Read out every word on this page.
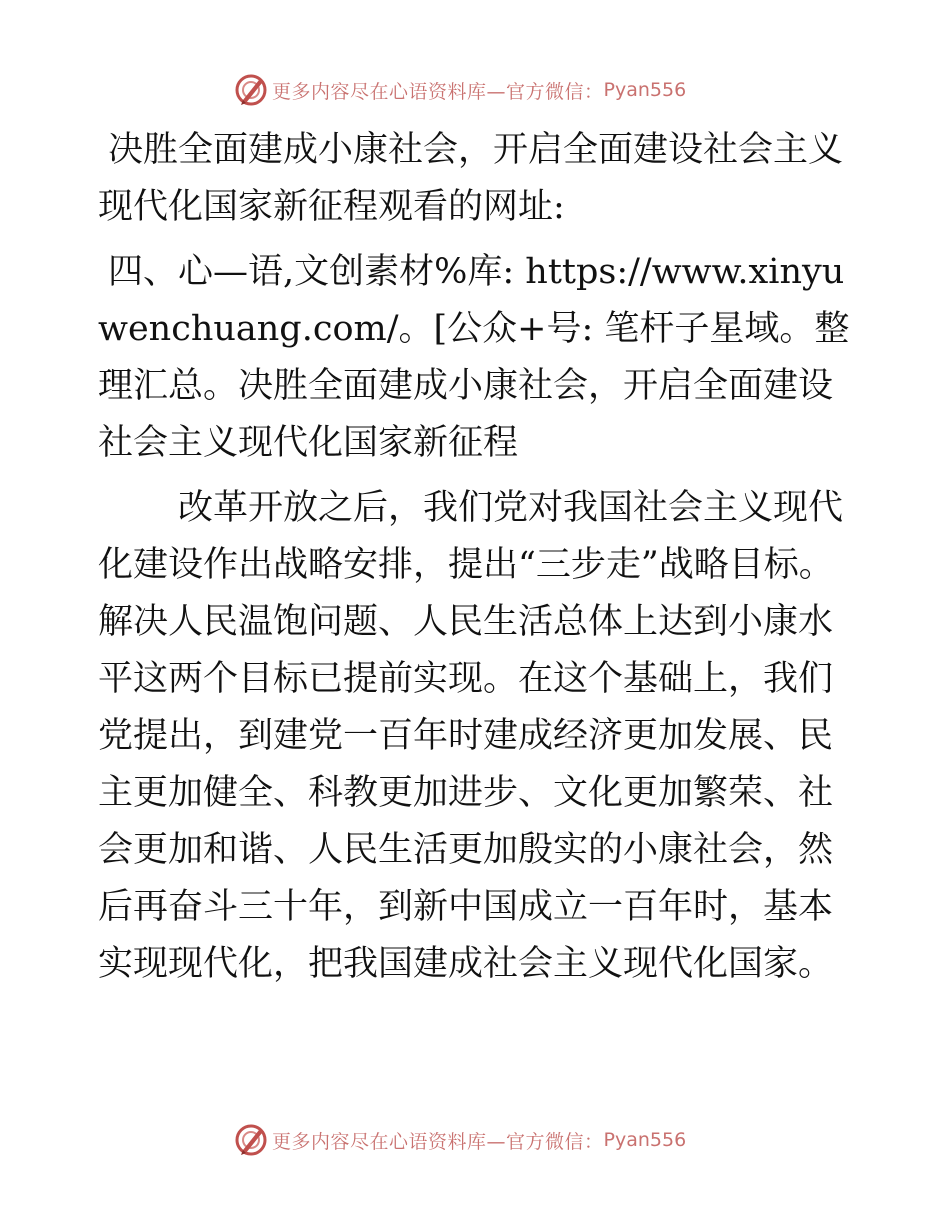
更多内容尽在心语资料库—官方微信： Pyan556

决胜全面建成小康社会，开启全面建设社会主义现代化国家新征程观看的网址:

四、心—语,文创素材%库: https://www.xinyuwenchuang.com/。[公众+号: 笔杆子星域。整理汇总。决胜全面建成小康社会，开启全面建设社会主义现代化国家新征程

改革开放之后，我们党对我国社会主义现代化建设作出战略安排，提出“三步走”战略目标。解决人民温饱问题、人民生活总体上达到小康水平这两个目标已提前实现。在这个基础上，我们党提出，到建党一百年时建成经济更加发展、民主更加健全、科教更加进步、文化更加繁荣、社会更加和谐、人民生活更加殷实的小康社会，然后再奋斗三十年，到新中国成立一百年时，基本实现现代化，把我国建成社会主义现代化国家。

更多内容尽在心语资料库—官方微信： Pyan556
